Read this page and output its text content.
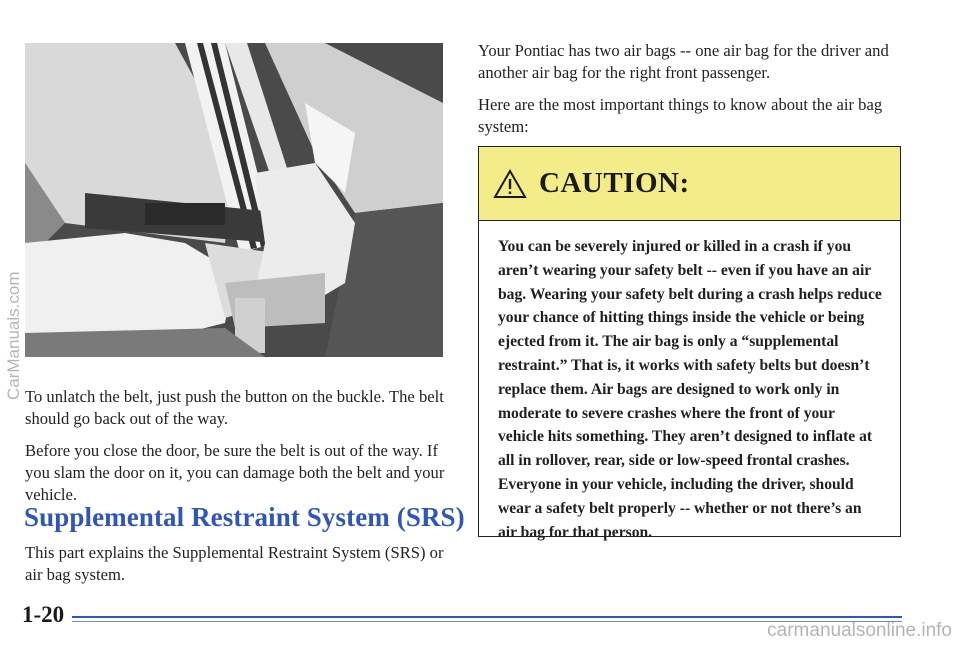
To unlatch the belt, just push the button on the buckle. The belt should go back out of the way.

Before you close the door, be sure the belt is out of the way. If you slam the door on it, you can damage both the belt and your vehicle.

Supplemental Restraint System (SRS)

This part explains the Supplemental Restraint System (SRS) or air bag system.

Your Pontiac has two air bags -- one air bag for the driver and another air bag for the right front passenger.

Here are the most important things to know about the air bag system:

CAUTION:

You can be severely injured or killed in a crash if you aren’t wearing your safety belt -- even if you have an air bag. Wearing your safety belt during a crash helps reduce your chance of hitting things inside the vehicle or being ejected from it. The air bag is only a “supplemental restraint.” That is, it works with safety belts but doesn’t replace them. Air bags are designed to work only in moderate to severe crashes where the front of your vehicle hits something. They aren’t designed to inflate at all in rollover, rear, side or low-speed frontal crashes. Everyone in your vehicle, including the driver, should wear a safety belt properly -- whether or not there’s an air bag for that person.

1-20
CarManuals.com
carmanualsonline.info
